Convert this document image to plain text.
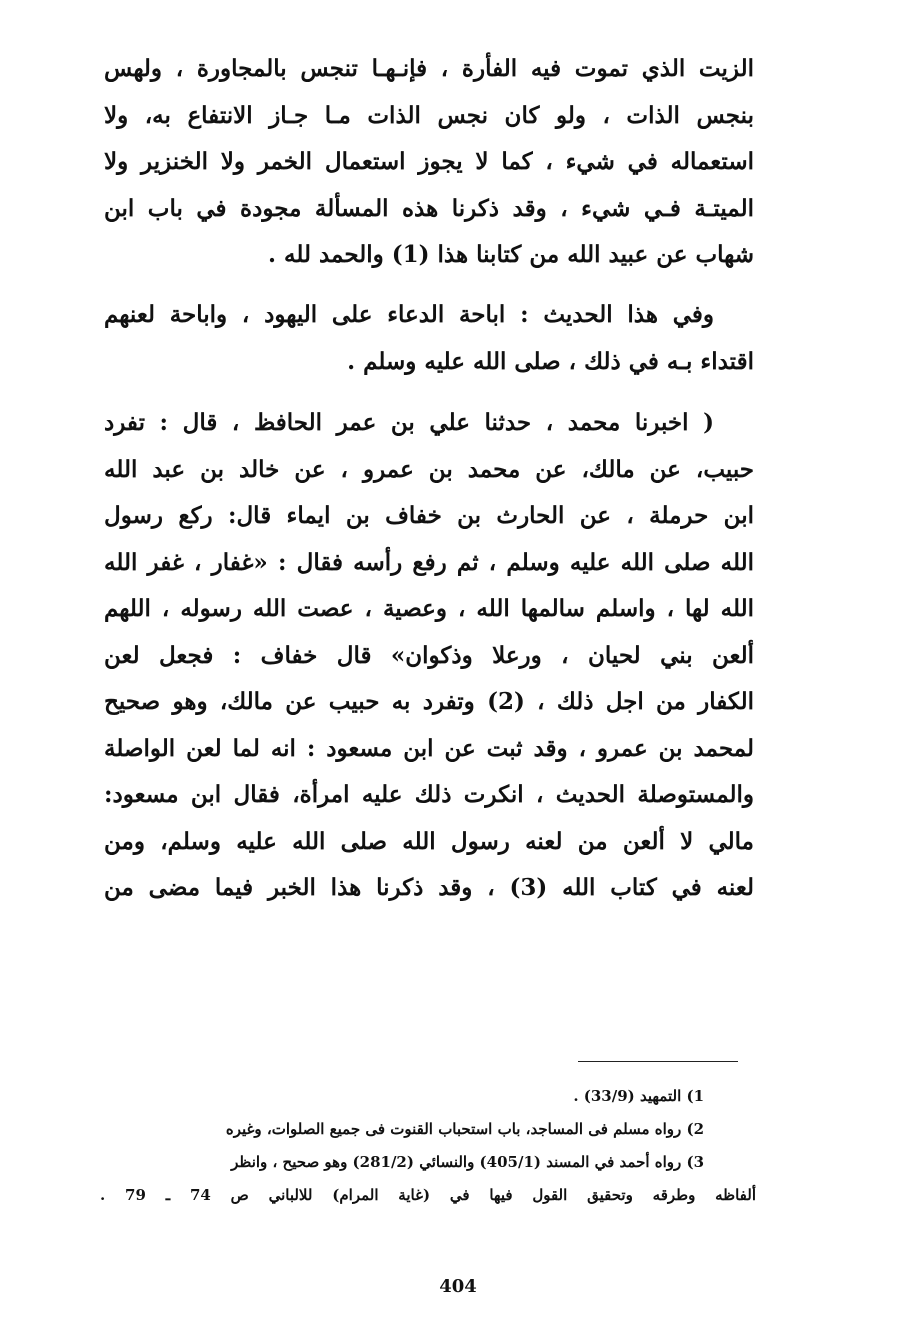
الزيت الذي تموت فيه الفأرة ، فإنـهـا تنجس بالمجاورة ، ولهس
بنجس الذات ، ولو كان نجس الذات مـا جـاز الانتفاع به، ولا
استعماله في شيء ، كما لا يجوز استعمال الخمر ولا الخنزير ولا
الميتـة فـي شيء ، وقد ذكرنا هذه المسألة مجودة في باب ابن
شهاب عن عبيد الله من كتابنا هذا (1) والحمد لله .
وفي هذا الحديث : اباحة الدعاء على اليهود ، واباحة لعنهم
اقتداء بـه في ذلك ، صلى الله عليه وسلم .
( اخبرنا محمد ، حدثنا علي بن عمر الحافظ ، قال : تفرد
حبيب، عن مالك، عن محمد بن عمرو ، عن خالد بن عبد الله
ابن حرملة ، عن الحارث بن خفاف بن ايماء قال: ركع رسول
الله صلى الله عليه وسلم ، ثم رفع رأسه فقال : «غفار ، غفر الله
الله لها ، واسلم سالمها الله ، وعصية ، عصت الله رسوله ، اللهم
ألعن بني لحيان ، ورعلا وذكوان» قال خفاف : فجعل لعن
الكفار من اجل ذلك ، (2) وتفرد به حبيب عن مالك، وهو صحيح
لمحمد بن عمرو ، وقد ثبت عن ابن مسعود : انه لما لعن الواصلة
والمستوصلة الحديث ، انكرت ذلك عليه امرأة، فقال ابن مسعود:
مالي لا ألعن من لعنه رسول الله صلى الله عليه وسلم، ومن
لعنه في كتاب الله (3) ، وقد ذكرنا هذا الخبر فيما مضى من
1) التمهيد (33/9) .
2) رواه مسلم فى المساجد، باب استحباب القنوت فى جميع الصلوات، وغيره
3) رواه أحمد في المسند (405/1) والنسائي (281/2) وهو صحيح ، وانظر
ألفاظه وطرقه وتحقيق القول فيها في (غاية المرام) للالباني ص 74 ـ 79 .
404
